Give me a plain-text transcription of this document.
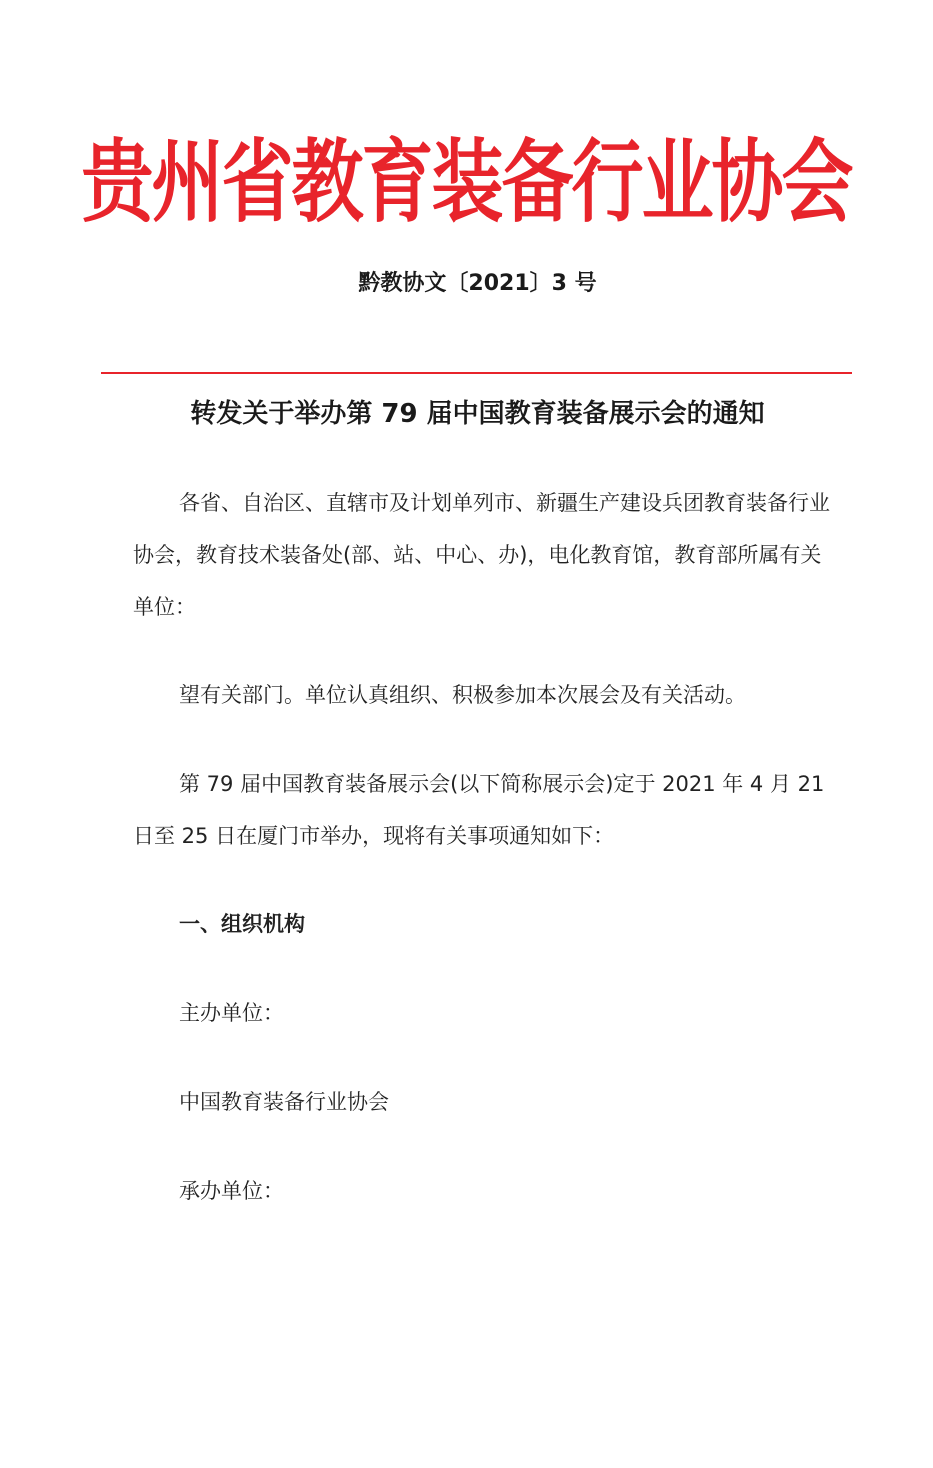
贵州省教育装备行业协会
黔教协文〔2021〕3 号
转发关于举办第 79 届中国教育装备展示会的通知

各省、自治区、直辖市及计划单列市、新疆生产建设兵团教育装备行业协会，教育技术装备处(部、站、中心、办)，电化教育馆，教育部所属有关单位：

望有关部门。单位认真组织、积极参加本次展会及有关活动。

第 79 届中国教育装备展示会(以下简称展示会)定于 2021 年 4 月 21 日至 25 日在厦门市举办，现将有关事项通知如下：

一、组织机构

主办单位：

中国教育装备行业协会

承办单位：
